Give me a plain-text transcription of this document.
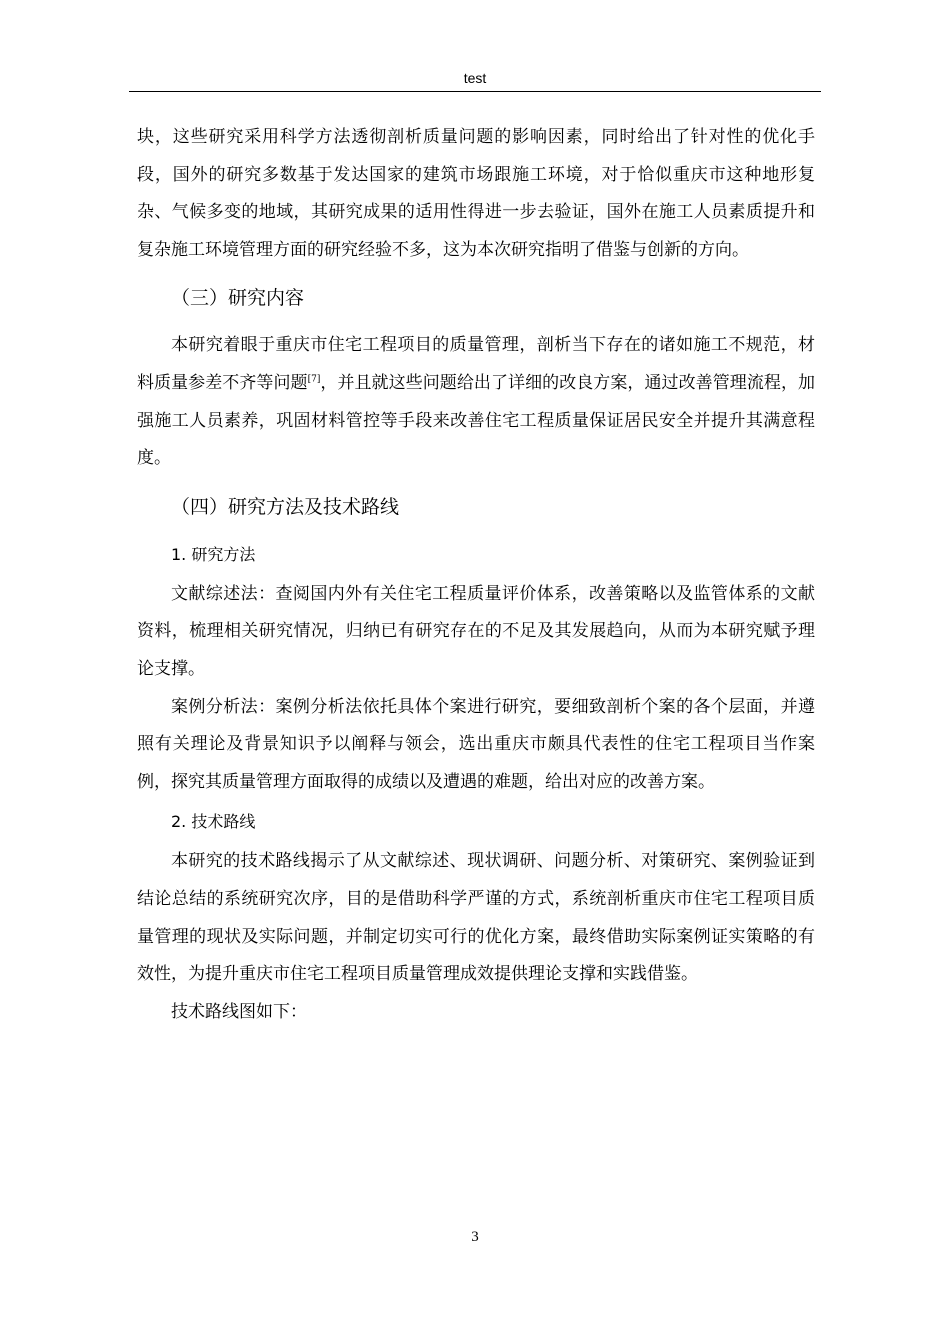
test

块，这些研究采用科学方法透彻剖析质量问题的影响因素，同时给出了针对性的优化手段，国外的研究多数基于发达国家的建筑市场跟施工环境，对于恰似重庆市这种地形复杂、气候多变的地域，其研究成果的适用性得进一步去验证，国外在施工人员素质提升和复杂施工环境管理方面的研究经验不多，这为本次研究指明了借鉴与创新的方向。

（三）研究内容

本研究着眼于重庆市住宅工程项目的质量管理，剖析当下存在的诸如施工不规范，材料质量参差不齐等问题[7]，并且就这些问题给出了详细的改良方案，通过改善管理流程，加强施工人员素养，巩固材料管控等手段来改善住宅工程质量保证居民安全并提升其满意程度。

（四）研究方法及技术路线
1. 研究方法

文献综述法：查阅国内外有关住宅工程质量评价体系，改善策略以及监管体系的文献资料，梳理相关研究情况，归纳已有研究存在的不足及其发展趋向，从而为本研究赋予理论支撑。

案例分析法：案例分析法依托具体个案进行研究，要细致剖析个案的各个层面，并遵照有关理论及背景知识予以阐释与领会，选出重庆市颇具代表性的住宅工程项目当作案例，探究其质量管理方面取得的成绩以及遭遇的难题，给出对应的改善方案。

2. 技术路线

本研究的技术路线揭示了从文献综述、现状调研、问题分析、对策研究、案例验证到结论总结的系统研究次序，目的是借助科学严谨的方式，系统剖析重庆市住宅工程项目质量管理的现状及实际问题，并制定切实可行的优化方案，最终借助实际案例证实策略的有效性，为提升重庆市住宅工程项目质量管理成效提供理论支撑和实践借鉴。

技术路线图如下：

3
